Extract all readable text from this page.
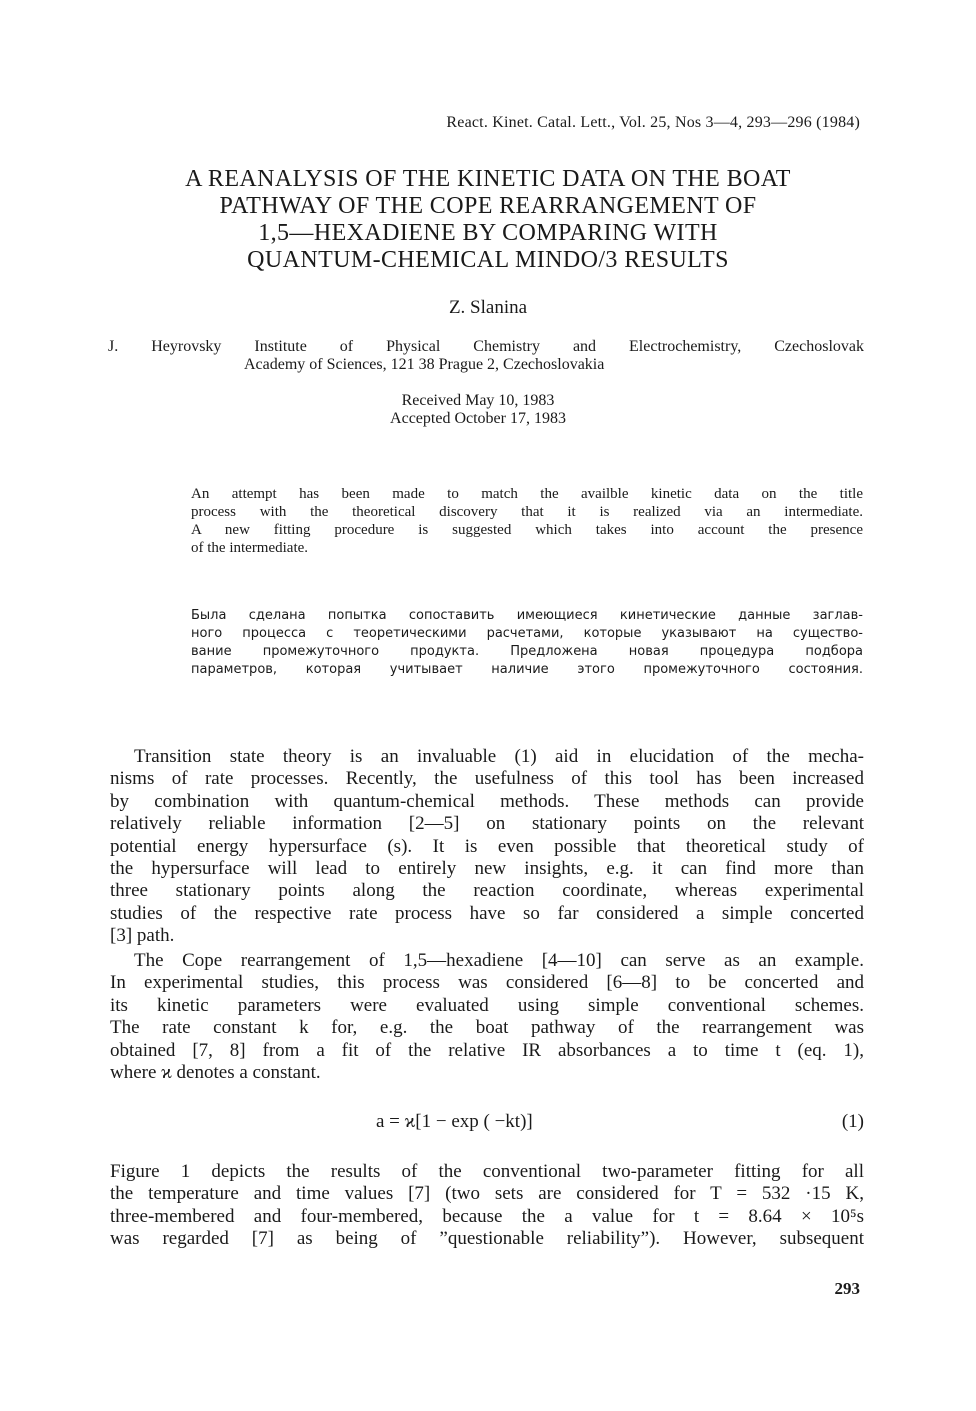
React. Kinet. Catal. Lett., Vol. 25, Nos 3—4, 293—296 (1984)
A REANALYSIS OF THE KINETIC DATA ON THE BOAT
PATHWAY OF THE COPE REARRANGEMENT OF
1,5—HEXADIENE BY COMPARING WITH
QUANTUM-CHEMICAL MINDO/3 RESULTS
Z. Slanina
J. Heyrovsky Institute of Physical Chemistry and Electrochemistry, Czechoslovak
Academy of Sciences, 121 38 Prague 2, Czechoslovakia
Received May 10, 1983
Accepted October 17, 1983
An attempt has been made to match the availble kinetic data on the title
process with the theoretical discovery that it is realized via an intermediate.
A new fitting procedure is suggested which takes into account the presence
of the intermediate.
Была сделана попытка сопоставить имеющиеся кинетические данные заглав-
ного процесса с теоретическими расчетами, которые указывают на существо-
вание промежуточного продукта. Предложена новая процедура подбора
параметров, которая учитывает наличие этого промежуточного состояния.
Transition state theory is an invaluable (1) aid in elucidation of the mecha-
nisms of rate processes. Recently, the usefulness of this tool has been increased
by combination with quantum-chemical methods. These methods can provide
relatively reliable information [2—5] on stationary points on the relevant
potential energy hypersurface (s). It is even possible that theoretical study of
the hypersurface will lead to entirely new insights, e.g. it can find more than
three stationary points along the reaction coordinate, whereas experimental
studies of the respective rate process have so far considered a simple concerted
[3] path.
The Cope rearrangement of 1,5—hexadiene [4—10] can serve as an example.
In experimental studies, this process was considered [6—8] to be concerted and
its kinetic parameters were evaluated using simple conventional schemes.
The rate constant k for, e.g. the boat pathway of the rearrangement was
obtained [7, 8] from a fit of the relative IR absorbances a to time t (eq. 1),
where ϰ denotes a constant.
a = ϰ[1 − exp ( −kt)]	(1)
Figure 1 depicts the results of the conventional two-parameter fitting for all
the temperature and time values [7] (two sets are considered for T = 532 ·15 K,
three-membered and four-membered, because the a value for t = 8.64 × 10⁵s
was regarded [7] as being of ”questionable reliability”). However, subsequent
293
